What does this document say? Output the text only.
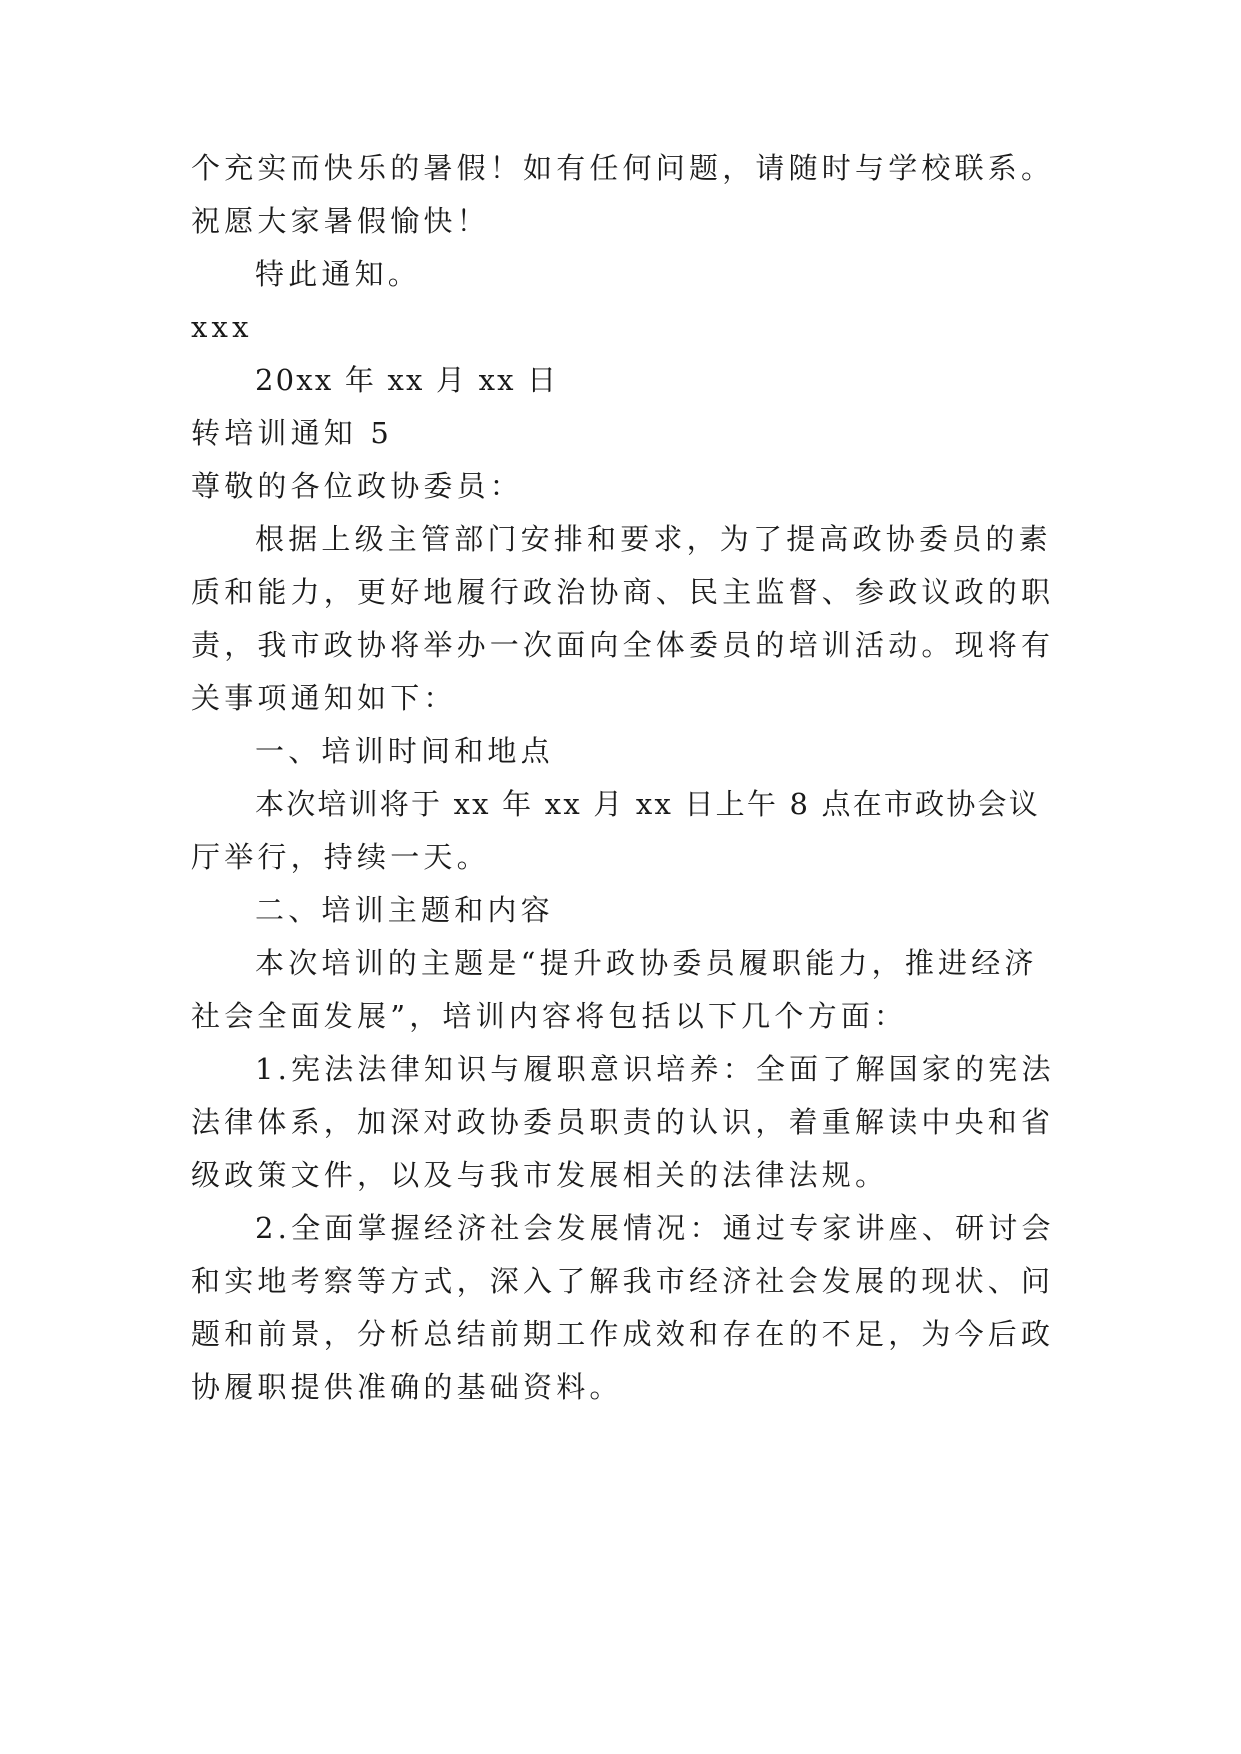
个充实而快乐的暑假！如有任何问题，请随时与学校联系。
祝愿大家暑假愉快！
特此通知。
xxx
20xx 年 xx 月 xx 日
转培训通知 5
尊敬的各位政协委员：
根据上级主管部门安排和要求，为了提高政协委员的素
质和能力，更好地履行政治协商、民主监督、参政议政的职
责，我市政协将举办一次面向全体委员的培训活动。现将有
关事项通知如下：
一、培训时间和地点
本次培训将于 xx 年 xx 月 xx 日上午 8 点在市政协会议
厅举行，持续一天。
二、培训主题和内容
本次培训的主题是“提升政协委员履职能力，推进经济
社会全面发展”，培训内容将包括以下几个方面：
1.宪法法律知识与履职意识培养：全面了解国家的宪法
法律体系，加深对政协委员职责的认识，着重解读中央和省
级政策文件，以及与我市发展相关的法律法规。
2.全面掌握经济社会发展情况：通过专家讲座、研讨会
和实地考察等方式，深入了解我市经济社会发展的现状、问
题和前景，分析总结前期工作成效和存在的不足，为今后政
协履职提供准确的基础资料。
